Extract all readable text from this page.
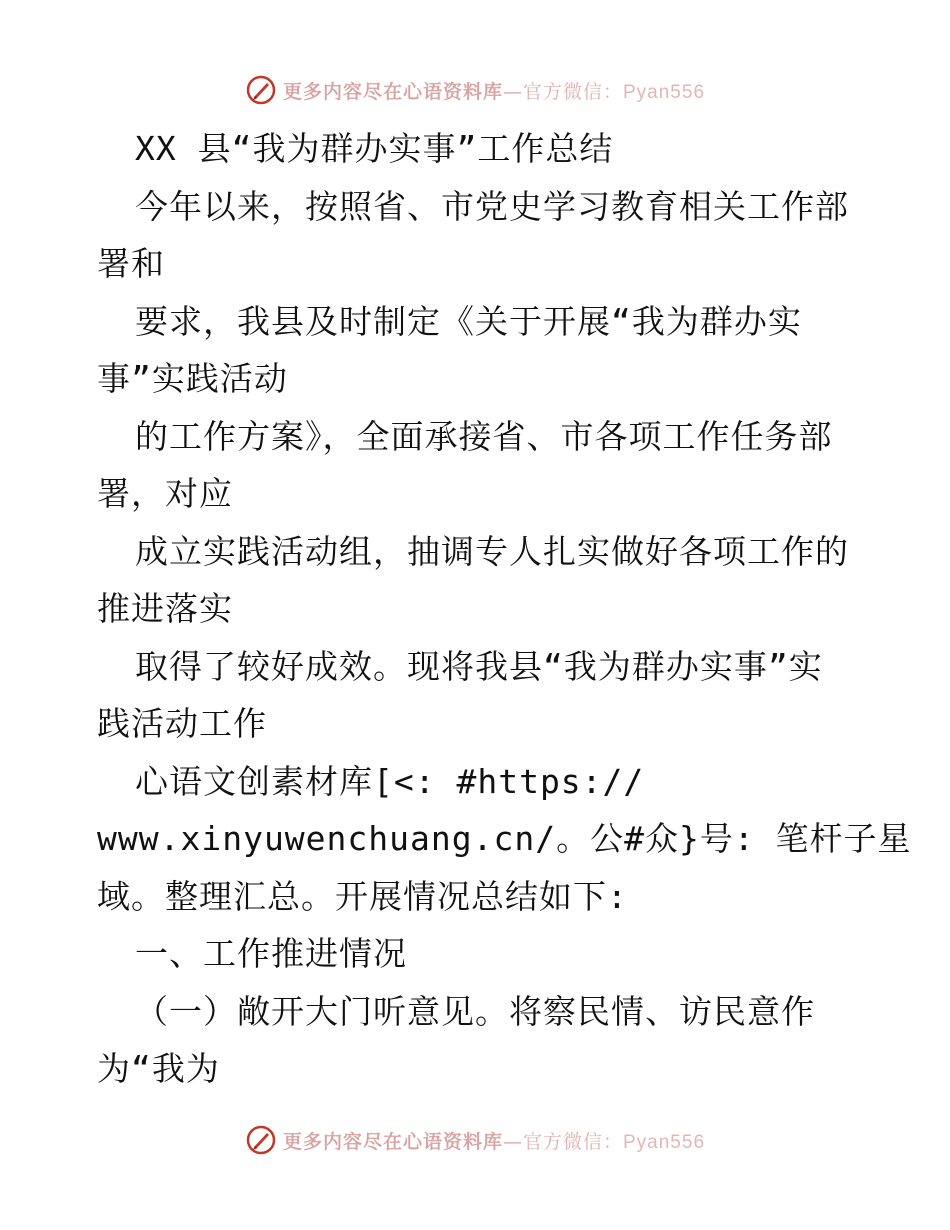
更多内容尽在心语资料库—官方微信：Pyan556
XX 县“我为群办实事”工作总结
今年以来，按照省、市党史学习教育相关工作部
署和
要求，我县及时制定《关于开展“我为群办实
事”实践活动
的工作方案》，全面承接省、市各项工作任务部
署，对应
成立实践活动组，抽调专人扎实做好各项工作的
推进落实
取得了较好成效。现将我县“我为群办实事”实
践活动工作
心语文创素材库[<: #https://
www.xinyuwenchuang.cn/。公#众}号: 笔杆子星
域。整理汇总。开展情况总结如下:
一、工作推进情况
（一）敞开大门听意见。将察民情、访民意作
为“我为
更多内容尽在心语资料库—官方微信：Pyan556
